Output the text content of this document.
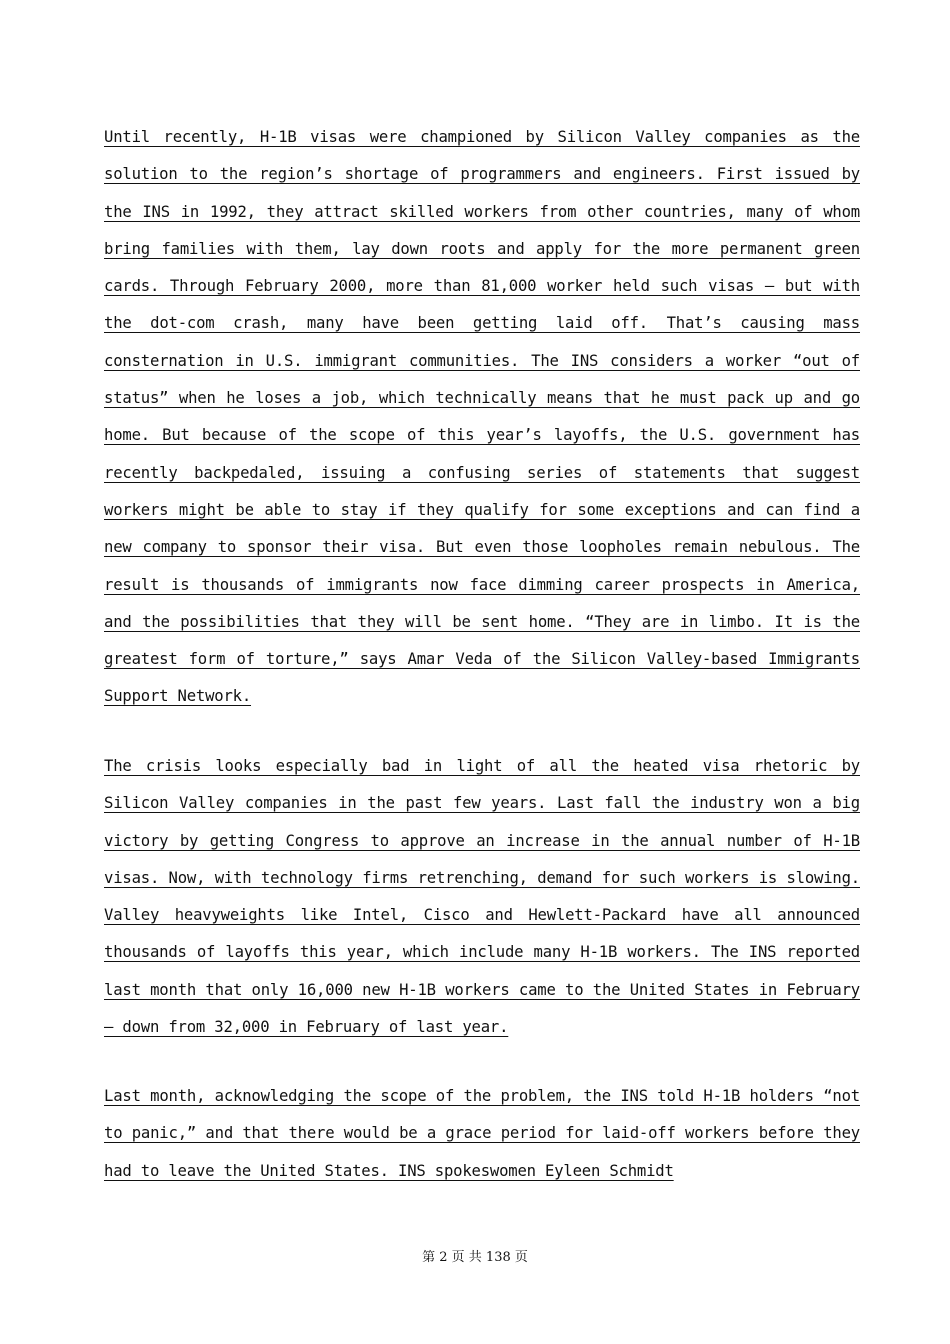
Until recently, H-1B visas were championed by Silicon Valley companies as the solution to the region’s shortage of programmers and engineers. First issued by the INS in 1992, they attract skilled workers from other countries, many of whom bring families with them, lay down roots and apply for the more permanent green cards. Through February 2000, more than 81,000 worker held such visas — but with the dot-com crash, many have been getting laid off. That’s causing mass consternation in U.S. immigrant communities. The INS considers a worker “out of status” when he loses a job, which technically means that he must pack up and go home. But because of the scope of this year’s layoffs, the U.S. government has recently backpedaled, issuing a confusing series of statements that suggest workers might be able to stay if they qualify for some exceptions and can find a new company to sponsor their visa. But even those loopholes remain nebulous. The result is thousands of immigrants now face dimming career prospects in America, and the possibilities that they will be sent home. “They are in limbo. It is the greatest form of torture,” says Amar Veda of the Silicon Valley-based Immigrants Support Network.

The crisis looks especially bad in light of all the heated visa rhetoric by Silicon Valley companies in the past few years. Last fall the industry won a big victory by getting Congress to approve an increase in the annual number of H-1B visas. Now, with technology firms retrenching, demand for such workers is slowing. Valley heavyweights like Intel, Cisco and Hewlett-Packard have all announced thousands of layoffs this year, which include many H-1B workers. The INS reported last month that only 16,000 new H-1B workers came to the United States in February — down from 32,000 in February of last year.

Last month, acknowledging the scope of the problem, the INS told H-1B holders “not to panic,” and that there would be a grace period for laid-off workers before they had to leave the United States. INS spokeswomen Eyleen Schmidt

第 2 页 共 138 页
